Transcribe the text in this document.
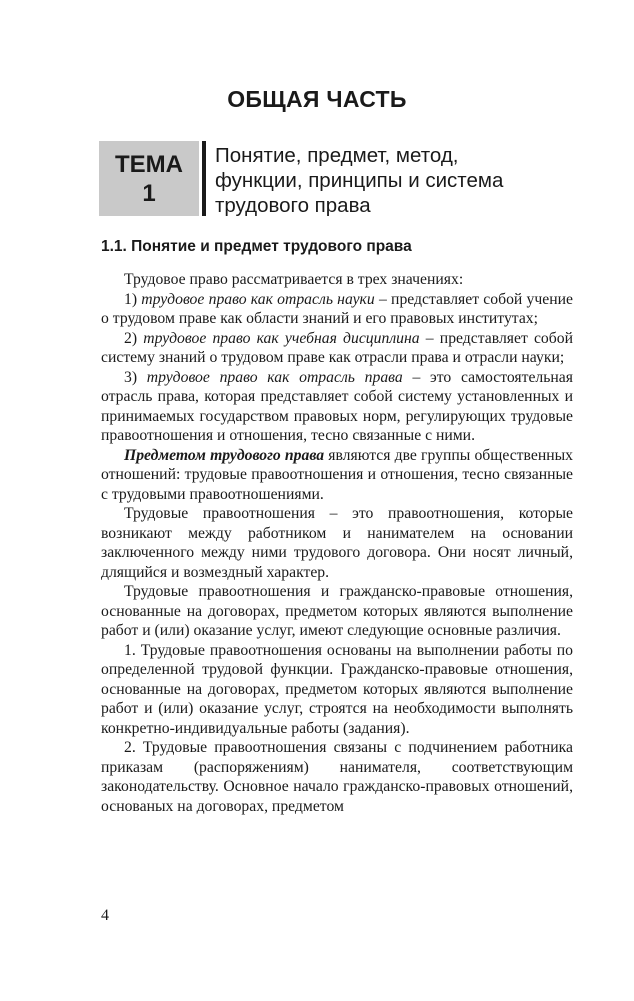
ОБЩАЯ ЧАСТЬ
ТЕМА
1
Понятие, предмет, метод,
функции, принципы и система
трудового права
1.1. Понятие и предмет трудового права

Трудовое право рассматривается в трех значениях:

1) трудовое право как отрасль науки – представляет собой учение о трудовом праве как области знаний и его правовых институтах;

2) трудовое право как учебная дисциплина – представляет собой систему знаний о трудовом праве как отрасли права и отрасли науки;

3) трудовое право как отрасль права – это самостоятельная отрасль права, которая представляет собой систему установленных и принимаемых государством правовых норм, регулирующих трудовые правоотношения и отношения, тесно связанные с ними.

Предметом трудового права являются две группы общественных отношений: трудовые правоотношения и отношения, тесно связанные с трудовыми правоотношениями.

Трудовые правоотношения – это правоотношения, которые возникают между работником и нанимателем на основании заключенного между ними трудового договора. Они носят личный, длящийся и возмездный характер.

Трудовые правоотношения и гражданско-правовые отношения, основанные на договорах, предметом которых являются выполнение работ и (или) оказание услуг, имеют следующие основные различия.

1. Трудовые правоотношения основаны на выполнении работы по определенной трудовой функции. Гражданско-правовые отношения, основанные на договорах, предметом которых являются выполнение работ и (или) оказание услуг, строятся на необходимости выполнять конкретно-индивидуальные работы (задания).

2. Трудовые правоотношения связаны с подчинением работника приказам (распоряжениям) нанимателя, соответствующим законодательству. Основное начало гражданско-правовых отношений, основаных на договорах, предметом

4
